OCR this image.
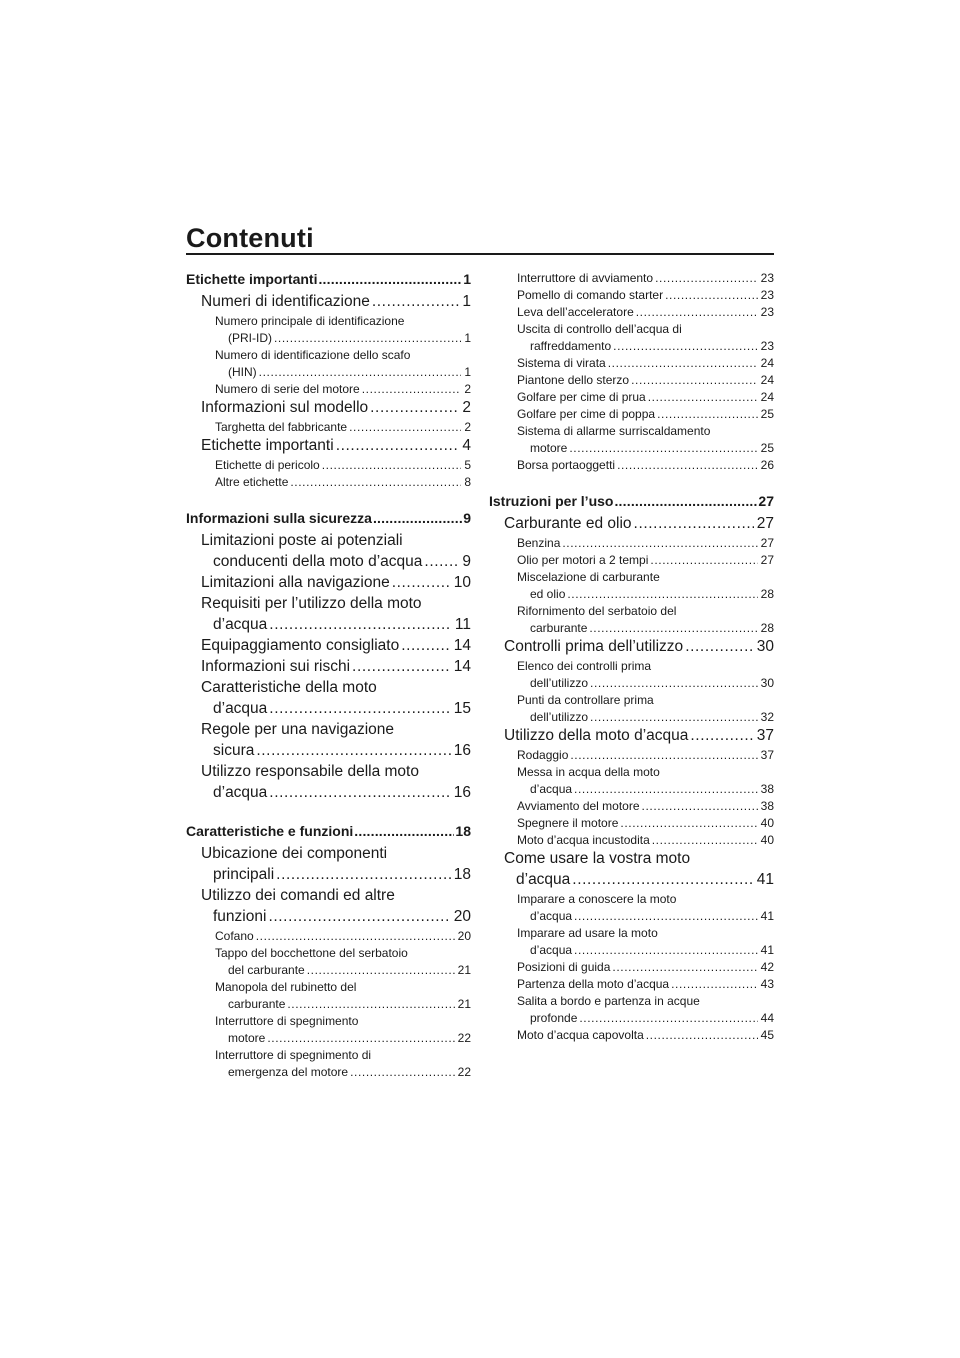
Contenuti
Etichette importanti .....	1
Numeri di identificazione .....	1
Numero principale di identificazione
(PRI-ID) .....	1
Numero di identificazione dello scafo
(HIN) .....	1
Numero di serie del motore .....	2
Informazioni sul modello .....	2
Targhetta del fabbricante .....	2
Etichette importanti .....	4
Etichette di pericolo .....	5
Altre etichette .....	8
Informazioni sulla sicurezza .....	9
Limitazioni poste ai potenziali
conducenti della moto d’acqua .....	9
Limitazioni alla navigazione .....	10
Requisiti per l’utilizzo della moto
d’acqua .....	11
Equipaggiamento consigliato .....	14
Informazioni sui rischi .....	14
Caratteristiche della moto
d’acqua .....	15
Regole per una navigazione
sicura .....	16
Utilizzo responsabile della moto
d’acqua .....	16
Caratteristiche e funzioni .....	18
Ubicazione dei componenti
principali .....	18
Utilizzo dei comandi ed altre
funzioni .....	20
Cofano .....	20
Tappo del bocchettone del serbatoio
del carburante .....	21
Manopola del rubinetto del
carburante .....	21
Interruttore di spegnimento
motore .....	22
Interruttore di spegnimento di
emergenza del motore .....	22
Interruttore di avviamento .....	23
Pomello di comando starter .....	23
Leva dell’acceleratore .....	23
Uscita di controllo dell’acqua di
raffreddamento .....	23
Sistema di virata .....	24
Piantone dello sterzo .....	24
Golfare per cime di prua .....	24
Golfare per cime di poppa .....	25
Sistema di allarme surriscaldamento
motore .....	25
Borsa portaoggetti .....	26
Istruzioni per l’uso .....	27
Carburante ed olio .....	27
Benzina .....	27
Olio per motori a 2 tempi .....	27
Miscelazione di carburante
ed olio .....	28
Rifornimento del serbatoio del
carburante .....	28
Controlli prima dell’utilizzo .....	30
Elenco dei controlli prima
dell’utilizzo .....	30
Punti da controllare prima
dell’utilizzo .....	32
Utilizzo della moto d’acqua .....	37
Rodaggio .....	37
Messa in acqua della moto
d’acqua .....	38
Avviamento del motore .....	38
Spegnere il motore .....	40
Moto d’acqua incustodita .....	40
Come usare la vostra moto
d’acqua .....	41
Imparare a conoscere la moto
d’acqua .....	41
Imparare ad usare la moto
d’acqua .....	41
Posizioni di guida .....	42
Partenza della moto d’acqua .....	43
Salita a bordo e partenza in acque
profonde .....	44
Moto d’acqua capovolta .....	45
